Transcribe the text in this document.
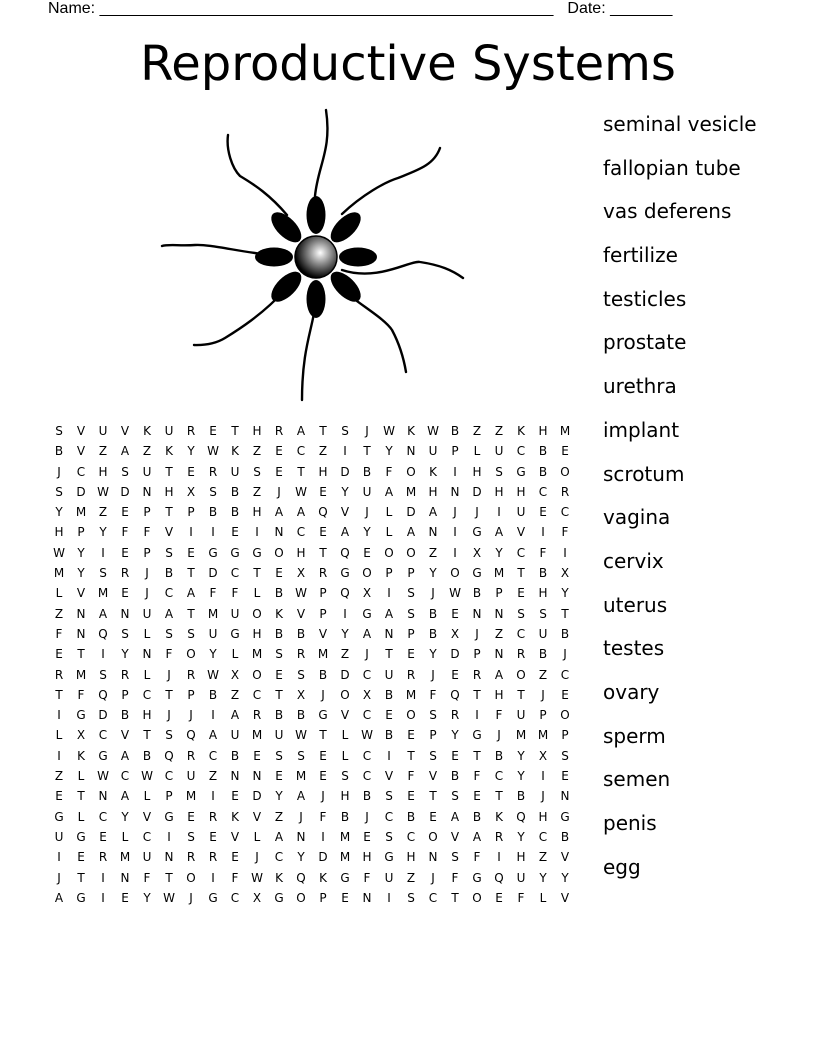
Name: ___________________________________________________ Date: _______
Reproductive Systems
seminal vesicle
fallopian tube
vas deferens
fertilize
testicles
prostate
urethra
implant
scrotum
vagina
cervix
uterus
testes
ovary
sperm
semen
penis
egg
S	V	U	V	K	U	R	E	T	H	R	A	T	S	J	W	K	W B	Z	Z	K	H	M
B	V	Z	A	Z	K	Y	W	K	Z	E	C	Z	I	T	Y	N	U	P	L	U	C	B	E
J	C	H	S	U	T	E	R	U	S	E	T	H	D	B	F	O	K	I	H	S	G	B	O
S	D W D	N	H	X	S	B	Z	J	W	E	Y	U	A	M	H	N	D	H	H	C	R
Y	M	Z	E	P	T	P	B	B	H	A	A	Q	V	J	L	D	A	J	J	I	U	E	C
H	P	Y	F	F	V	I	I	E	I	N	C	E	A	Y	L	A	N	I	G	A	V	I	F
W	Y	I	E	P	S	E	G	G	G	O	H	T	Q	E	O	O	Z	I	X	Y	C	F	I
M	Y	S	R	J	B	T	D	C	T	E	X	R	G	O	P	P	Y	O	G	M	T	B	X
L	V	M	E	J	C	A	F	F	L	B W	P	Q	X	I	S	J	W B	P	E	H	Y
Z	N	A	N	U	A	T	M	U	O	K	V	P	I	G	A	S	B	E	N	N	S	S	T
F	N	Q	S	L	S	S	U	G	H	B	B	V	Y	A	N	P	B	X	J	Z	C	U	B
E	T	I	Y	N	F	O	Y	L	M	S	R	M	Z	J	T	E	Y	D	P	N	R	B	J
R	M	S	R	L	J	R W X	O	E	S	B	D	C	U	R	J	E	R	A	O	Z	C
T	F	Q	P	C	T	P	B	Z	C	T	X	J	O	X	B	M	F	Q	T	H	T	J	E
I	G	D	B	H	J	J	I	A	R	B	B	G	V	C	E	O	S	R	I	F	U	P	O
L	X	C	V	T	S	Q	A	U	M	U W	T	L	W B	E	P	Y	G	J	M M	P
I	K	G	A	B	Q	R	C	B	E	S	S	E	L	C	I	T	S	E	T	B	Y	X	S
Z	L	W C W C	U	Z	N	N	E	M	E	S	C	V	F	V	B	F	C	Y	I	E
E	T	N	A	L	P	M	I	E	D	Y	A	J	H	B	S	E	T	S	E	T	B	J	N
G	L	C	Y	V	G	E	R	K	V	Z	J	F	B	J	C	B	E	A	B	K	Q	H	G
U	G	E	L	C	I	S	E	V	L	A	N	I	M	E	S	C	O	V	A	R	Y	C	B
I	E	R	M	U	N	R	R	E	J	C	Y	D	M	H	G	H	N	S	F	I	H	Z	V
J	T	I	N	F	T	O	I	F	W	K	Q	K	G	F	U	Z	J	F	G	Q	U	Y	Y
A	G	I	E	Y	W	J	G	C	X	G	O	P	E	N	I	S	C	T	O	E	F	L	V
